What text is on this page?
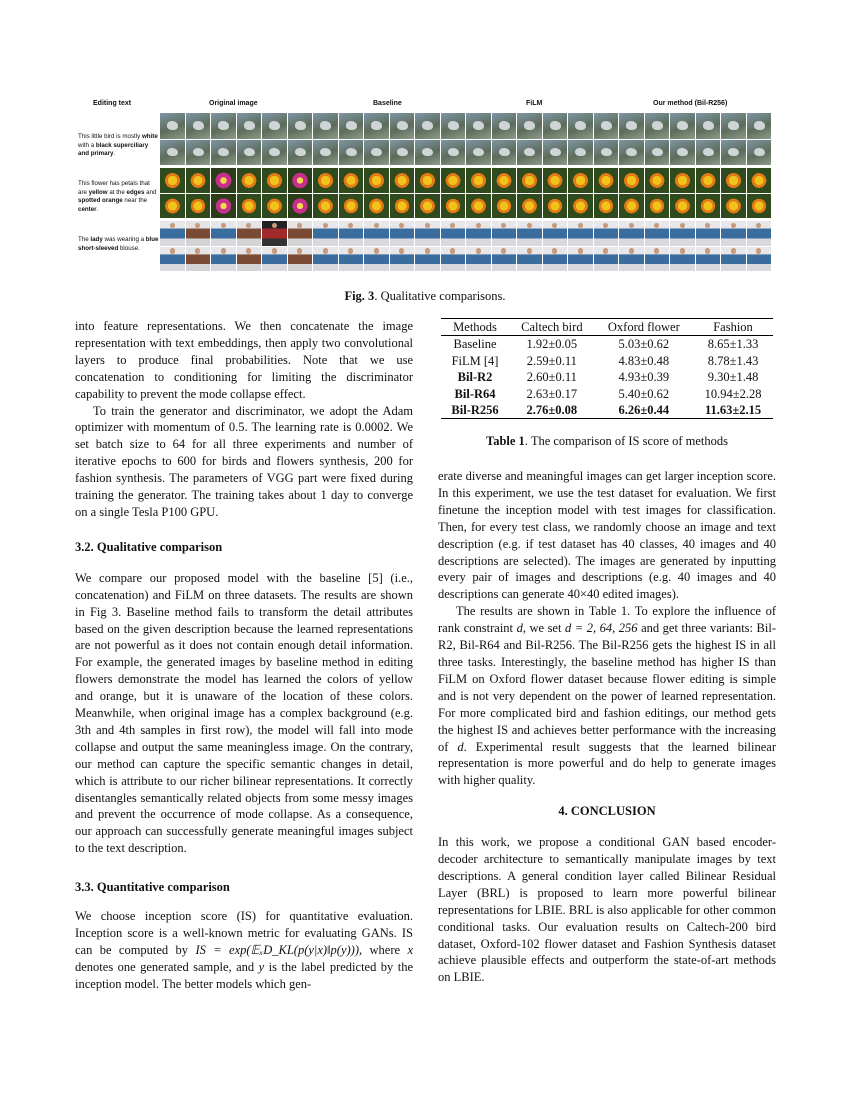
Editing text	Original image	Baseline	FiLM	Our method (Bil-R256)
This little bird is mostly white with a black superciliary and primary.
This flower has petals that are yellow at the edges and spotted orange near the center.
The lady was wearing a blue short-sleeved blouse.
Fig. 3. Qualitative comparisons.

into feature representations. We then concatenate the image representation with text embeddings, then apply two convolutional layers to produce final probabilities. Note that we use concatenation to conditioning for limiting the discriminator capability to prevent the mode collapse effect.

To train the generator and discriminator, we adopt the Adam optimizer with momentum of 0.5. The learning rate is 0.0002. We set batch size to 64 for all three experiments and number of iterative epochs to 600 for birds and flowers synthesis, 200 for fashion synthesis. The parameters of VGG part were fixed during training the generator. The training takes about 1 day to converge on a single Tesla P100 GPU.

3.2. Qualitative comparison

We compare our proposed model with the baseline [5] (i.e., concatenation) and FiLM on three datasets. The results are shown in Fig 3. Baseline method fails to transform the detail attributes based on the given description because the learned representations are not powerful as it does not contain enough detail information. For example, the generated images by baseline method in editing flowers demonstrate the model has learned the colors of yellow and orange, but it is unaware of the location of these colors. Meanwhile, when original image has a complex background (e.g. 3th and 4th samples in first row), the model will fall into mode collapse and output the same meaningless image. On the contrary, our method can capture the specific semantic changes in detail, which is attribute to our richer bilinear representations. It correctly disentangles semantically related objects from some messy images and prevent the occurrence of mode collapse. As a consequence, our approach can successfully generate meaningful images subject to the text description.

3.3. Quantitative comparison

We choose inception score (IS) for quantitative evaluation. Inception score is a well-known metric for evaluating GANs. IS can be computed by IS = exp(𝔼ₓD_KL(p(y|x)‖p(y))), where x denotes one generated sample, and y is the label predicted by the inception model. The better models which gen-

Methods	Caltech bird	Oxford flower	Fashion
Baseline	1.92±0.05	5.03±0.62	8.65±1.33
FiLM [4]	2.59±0.11	4.83±0.48	8.78±1.43
Bil-R2	2.60±0.11	4.93±0.39	9.30±1.48
Bil-R64	2.63±0.17	5.40±0.62	10.94±2.28
Bil-R256	2.76±0.08	6.26±0.44	11.63±2.15
Table 1. The comparison of IS score of methods

erate diverse and meaningful images can get larger inception score. In this experiment, we use the test dataset for evaluation. We first finetune the inception model with test images for classification. Then, for every test class, we randomly choose an image and text description (e.g. if test dataset has 40 classes, 40 images and 40 descriptions are selected). The images are generated by inputting every pair of images and descriptions (e.g. 40 images and 40 descriptions can generate 40×40 edited images).

The results are shown in Table 1. To explore the influence of rank constraint d, we set d = 2, 64, 256 and get three variants: Bil-R2, Bil-R64 and Bil-R256. The Bil-R256 gets the highest IS in all three tasks. Interestingly, the baseline method has higher IS than FiLM on Oxford flower dataset because flower editing is simple and is not very dependent on the power of learned representation. For more complicated bird and fashion editings, our method gets the highest IS and achieves better performance with the increasing of d. Experimental result suggests that the learned bilinear representation is more powerful and do help to generate images with higher quality.

4. CONCLUSION

In this work, we propose a conditional GAN based encoder-decoder architecture to semantically manipulate images by text descriptions. A general condition layer called Bilinear Residual Layer (BRL) is proposed to learn more powerful bilinear representations for LBIE. BRL is also applicable for other common conditional tasks. Our evaluation results on Caltech-200 bird dataset, Oxford-102 flower dataset and Fashion Synthesis dataset achieve plausible effects and outperform the state-of-art methods on LBIE.
